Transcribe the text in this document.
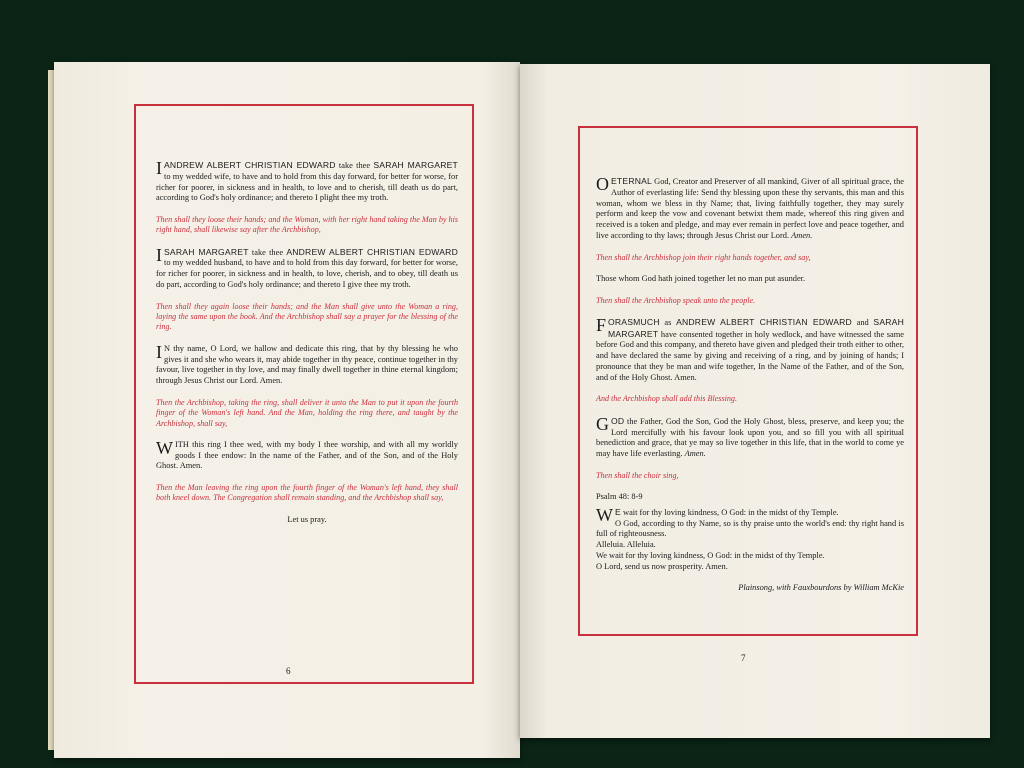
IANDREW ALBERT CHRISTIAN EDWARD take thee SARAH MARGARET to my wedded wife, to have and to hold from this day forward, for better for worse, for richer for poorer, in sickness and in health, to love and to cherish, till death us do part, according to God's holy ordinance; and thereto I plight thee my troth.

Then shall they loose their hands; and the Woman, with her right hand taking the Man by his right hand, shall likewise say after the Archbishop,

ISARAH MARGARET take thee ANDREW ALBERT CHRISTIAN EDWARD to my wedded husband, to have and to hold from this day forward, for better for worse, for richer for poorer, in sickness and in health, to love, cherish, and to obey, till death us do part, according to God's holy ordinance; and thereto I give thee my troth.

Then shall they again loose their hands; and the Man shall give unto the Woman a ring, laying the same upon the book. And the Archbishop shall say a prayer for the blessing of the ring.

I N thy name, O Lord, we hallow and dedicate this ring, that by thy blessing he who gives it and she who wears it, may abide together in thy peace, continue together in thy favour, live together in thy love, and may finally dwell together in thine eternal kingdom; through Jesus Christ our Lord. Amen.

Then the Archbishop, taking the ring, shall deliver it unto the Man to put it upon the fourth finger of the Woman's left hand. And the Man, holding the ring there, and taught by the Archbishop, shall say,

WITH this ring I thee wed, with my body I thee worship, and with all my worldly goods I thee endow: In the name of the Father, and of the Son, and of the Holy Ghost. Amen.

Then the Man leaving the ring upon the fourth finger of the Woman's left hand, they shall both kneel down. The Congregation shall remain standing, and the Archbishop shall say,

Let us pray.

6

O ETERNAL God, Creator and Preserver of all mankind, Giver of all spiritual grace, the Author of everlasting life: Send thy blessing upon these thy servants, this man and this woman, whom we bless in thy Name; that, living faithfully together, they may surely perform and keep the vow and covenant betwixt them made, whereof this ring given and received is a token and pledge, and may ever remain in perfect love and peace together, and live according to thy laws; through Jesus Christ our Lord. Amen.

Then shall the Archbishop join their right hands together, and say,

Those whom God hath joined together let no man put asunder.

Then shall the Archbishop speak unto the people.

FORASMUCH as ANDREW ALBERT CHRISTIAN EDWARD and SARAH MARGARET have consented together in holy wedlock, and have witnessed the same before God and this company, and thereto have given and pledged their troth either to other, and have declared the same by giving and receiving of a ring, and by joining of hands; I pronounce that they be man and wife together, In the Name of the Father, and of the Son, and of the Holy Ghost. Amen.

And the Archbishop shall add this Blessing.

GOD the Father, God the Son, God the Holy Ghost, bless, preserve, and keep you; the Lord mercifully with his favour look upon you, and so fill you with all spiritual benediction and grace, that ye may so live together in this life, that in the world to come ye may have life everlasting. Amen.

Then shall the choir sing,

Psalm 48: 8-9

W E wait for thy loving kindness, O God: in the midst of thy Temple.

O God, according to thy Name, so is thy praise unto the world's end: thy right hand is full of righteousness.

Alleluia. Alleluia.

We wait for thy loving kindness, O God: in the midst of thy Temple.

O Lord, send us now prosperity. Amen.

Plainsong, with Fauxbourdons by William McKie

7
